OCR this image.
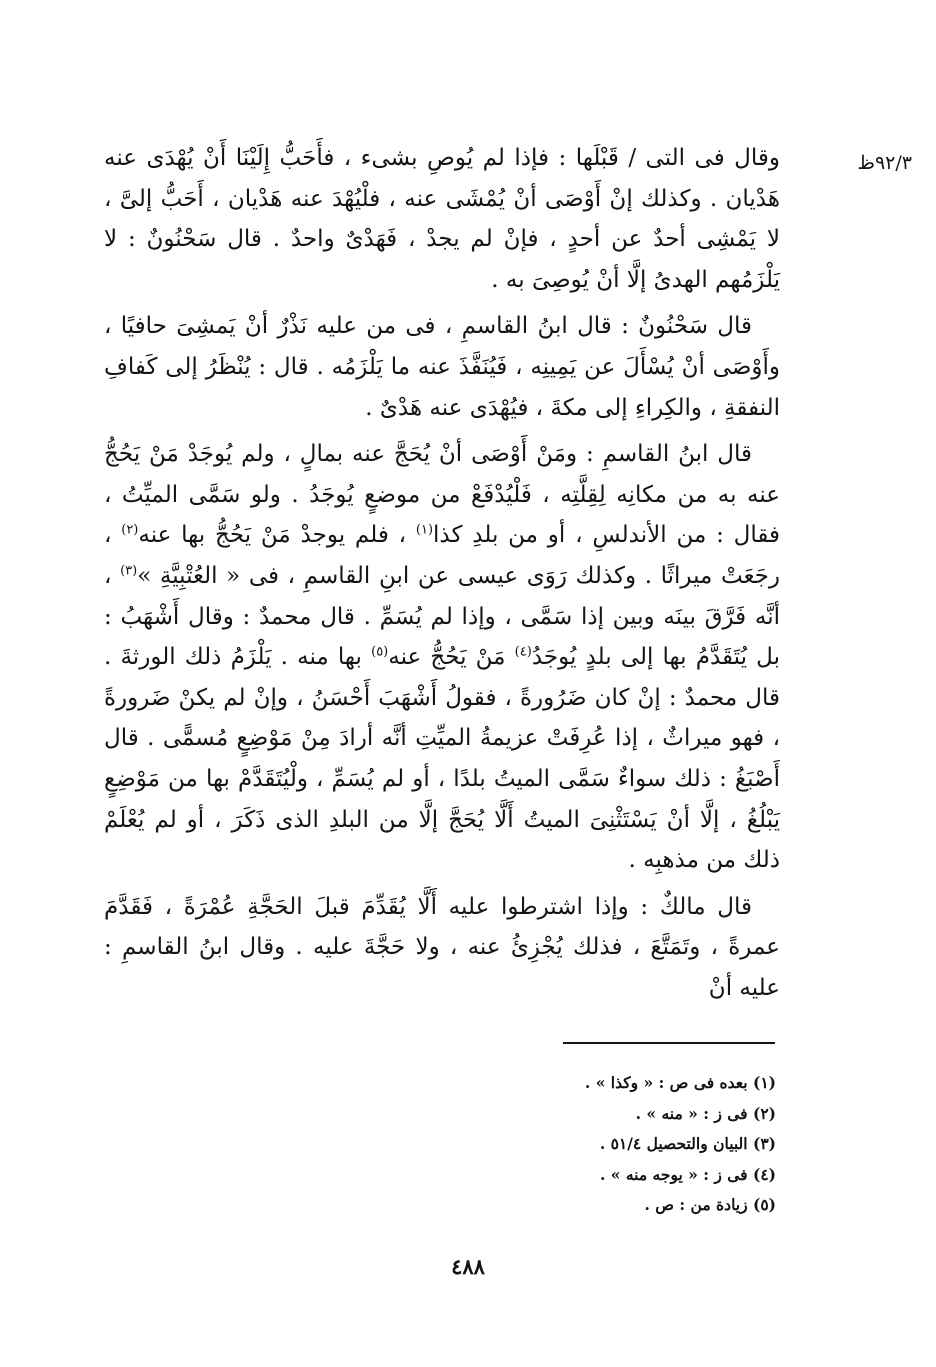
٩٢/٣ظ

وقال فى التى / قَبْلَها : فإذا لم يُوصِ بشىء ، فأَحَبُّ إِلَيْنَا أَنْ يُهْدَى عنه هَدْيان . وكذلك إنْ أَوْصَى أنْ يُمْشَى عنه ، فلْيُهْدَ عنه هَدْيان ، أَحَبُّ إلىَّ ، لا يَمْشِى أحدٌ عن أحدٍ ، فإنْ لم يجدْ ، فَهَدْىٌ واحدٌ . قال سَحْنُونٌ : لا يَلْزَمُهم الهدىُ إلَّا أنْ يُوصِىَ به .

قال سَحْنُونٌ : قال ابنُ القاسمِ ، فى من عليه نَذْرٌ أنْ يَمشِىَ حافيًا ، وأَوْصَى أنْ يُسْأَلَ عن يَمِينِه ، فَيُنَفَّذَ عنه ما يَلْزَمُه . قال : يُنْظَرُ إلى كَفافِ النفقةِ ، والكِراءِ إلى مكةَ ، فيُهْدَى عنه هَدْىٌ .

قال ابنُ القاسمِ : ومَنْ أَوْصَى أنْ يُحَجَّ عنه بمالٍ ، ولم يُوجَدْ مَنْ يَحُجُّ عنه به من مكانِه لِقِلَّتِه ، فَلْيُدْفَعْ من موضعٍ يُوجَدُ . ولو سَمَّى الميِّتُ ، فقال : من الأندلسِ ، أو من بلدِ كذا$^{(١)}$ ، فلم يوجدْ مَنْ يَحُجُّ بها عنه$^{(٢)}$ ، رجَعَتْ ميراثًا . وكذلك رَوَى عيسى عن ابنِ القاسمِ ، فى « العُتْبِيَّةِ »$^{(٣)}$ ، أنَّه فَرَّقَ بينَه وبين إذا سَمَّى ، وإذا لم يُسَمِّ . قال محمدٌ : وقال أَشْهَبُ : بل يُتَقَدَّمُ بها إلى بلدٍ يُوجَدُ$^{(٤)}$ مَنْ يَحُجُّ عنه$^{(٥)}$ بها منه . يَلْزَمُ ذلك الورثةَ . قال محمدٌ : إنْ كان ضَرُورةً ، فقولُ أَشْهَبَ أَحْسَنُ ، وإنْ لم يكنْ ضَرورةً ، فهو ميراثٌ ، إذا عُرِفَتْ عزيمةُ الميِّتِ أنَّه أرادَ مِنْ مَوْضِعٍ مُسمًّى . قال أَصْبَغُ : ذلك سواءٌ سَمَّى الميتُ بلدًا ، أو لم يُسَمِّ ، ولْيُتَقَدَّمْ بها من مَوْضِعٍ يَبْلُغُ ، إلَّا أنْ يَسْتَثْنِىَ الميتُ أَلَّا يُحَجَّ إلَّا من البلدِ الذى ذَكَرَ ، أو لم يُعْلَمْ ذلك من مذهبِه .

قال مالكٌ : وإذا اشترطوا عليه أَلَّا يُقَدِّمَ قبلَ الحَجَّةِ عُمْرَةً ، فَقَدَّمَ عمرةً ، وتَمَتَّعَ ، فذلك يُجْزِئُ عنه ، ولا حَجَّةَ عليه . وقال ابنُ القاسمِ : عليه أنْ

(١) بعده فى ص : « وكذا » .
(٢) فى ز : « منه » .
(٣) البيان والتحصيل ٥١/٤ .
(٤) فى ز : « يوجه منه » .
(٥) زيادة من : ص .
٤٨٨
